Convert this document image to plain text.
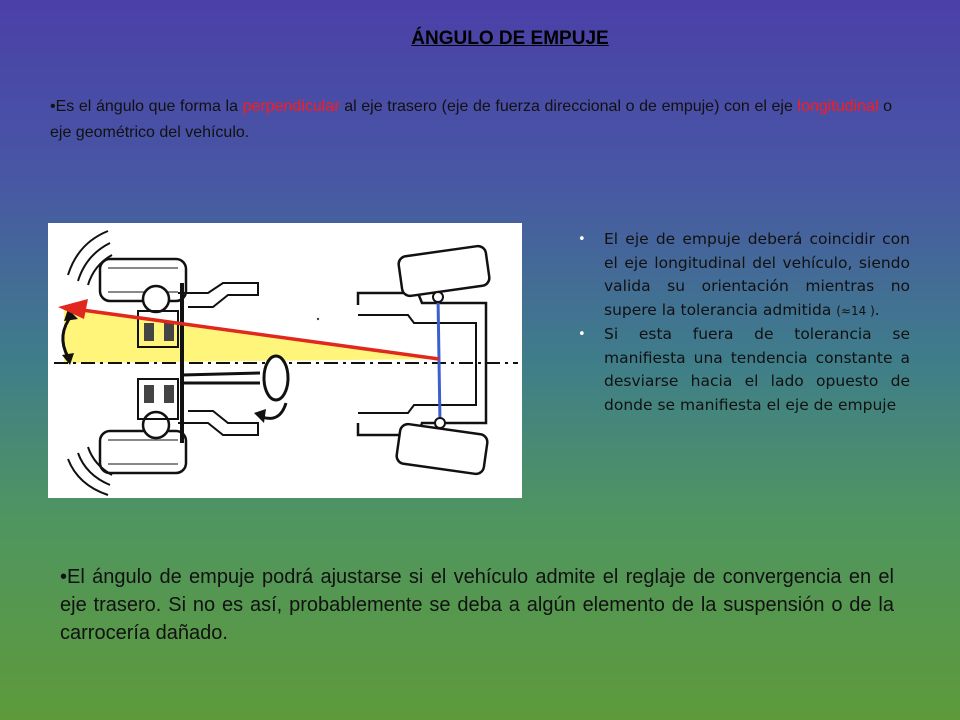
ÁNGULO DE EMPUJE
•Es el ángulo que forma la perpendicular al eje trasero (eje de fuerza direccional o de empuje) con el eje longitudinal o eje geométrico del vehículo.
• El eje de empuje deberá coincidir con el eje longitudinal del vehículo, siendo valida su orientación mientras no supere la tolerancia admitida (≈14 ).
• Si esta fuera de tolerancia se manifiesta una tendencia constante a desviarse hacia el lado opuesto de donde se manifiesta el eje de empuje
•El ángulo de empuje podrá ajustarse si el vehículo admite el reglaje de convergencia en el eje trasero. Si no es así, probablemente se deba a algún elemento de la suspensión o de la carrocería dañado.
